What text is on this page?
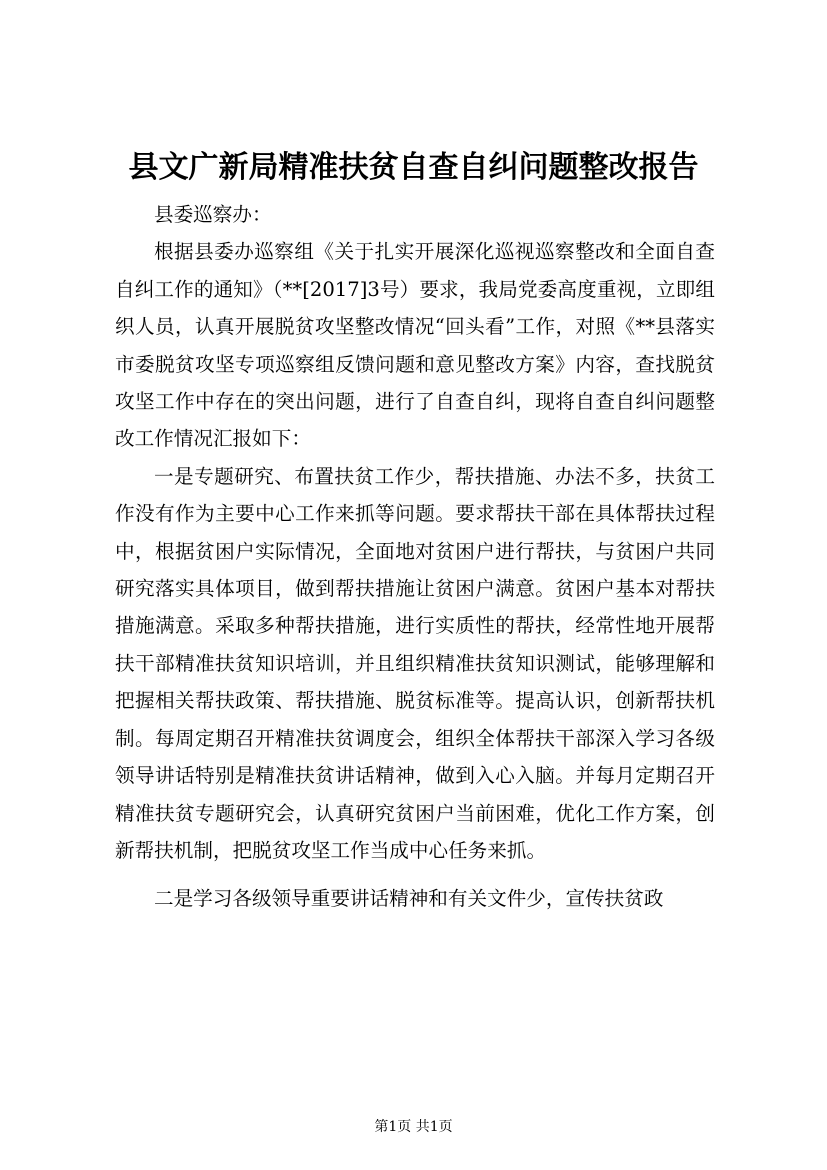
县文广新局精准扶贫自查自纠问题整改报告

县委巡察办：

根据县委办巡察组《关于扎实开展深化巡视巡察整改和全面自查自纠工作的通知》（**[2017]3号）要求，我局党委高度重视，立即组织人员，认真开展脱贫攻坚整改情况“回头看”工作，对照《**县落实市委脱贫攻坚专项巡察组反馈问题和意见整改方案》内容，查找脱贫攻坚工作中存在的突出问题，进行了自查自纠，现将自查自纠问题整改工作情况汇报如下：

一是专题研究、布置扶贫工作少，帮扶措施、办法不多，扶贫工作没有作为主要中心工作来抓等问题。要求帮扶干部在具体帮扶过程中，根据贫困户实际情况，全面地对贫困户进行帮扶，与贫困户共同研究落实具体项目，做到帮扶措施让贫困户满意。贫困户基本对帮扶措施满意。采取多种帮扶措施，进行实质性的帮扶，经常性地开展帮扶干部精准扶贫知识培训，并且组织精准扶贫知识测试，能够理解和把握相关帮扶政策、帮扶措施、脱贫标准等。提高认识，创新帮扶机制。每周定期召开精准扶贫调度会，组织全体帮扶干部深入学习各级领导讲话特别是精准扶贫讲话精神，做到入心入脑。并每月定期召开精准扶贫专题研究会，认真研究贫困户当前困难，优化工作方案，创新帮扶机制，把脱贫攻坚工作当成中心任务来抓。

二是学习各级领导重要讲话精神和有关文件少，宣传扶贫政

第1页 共1页
